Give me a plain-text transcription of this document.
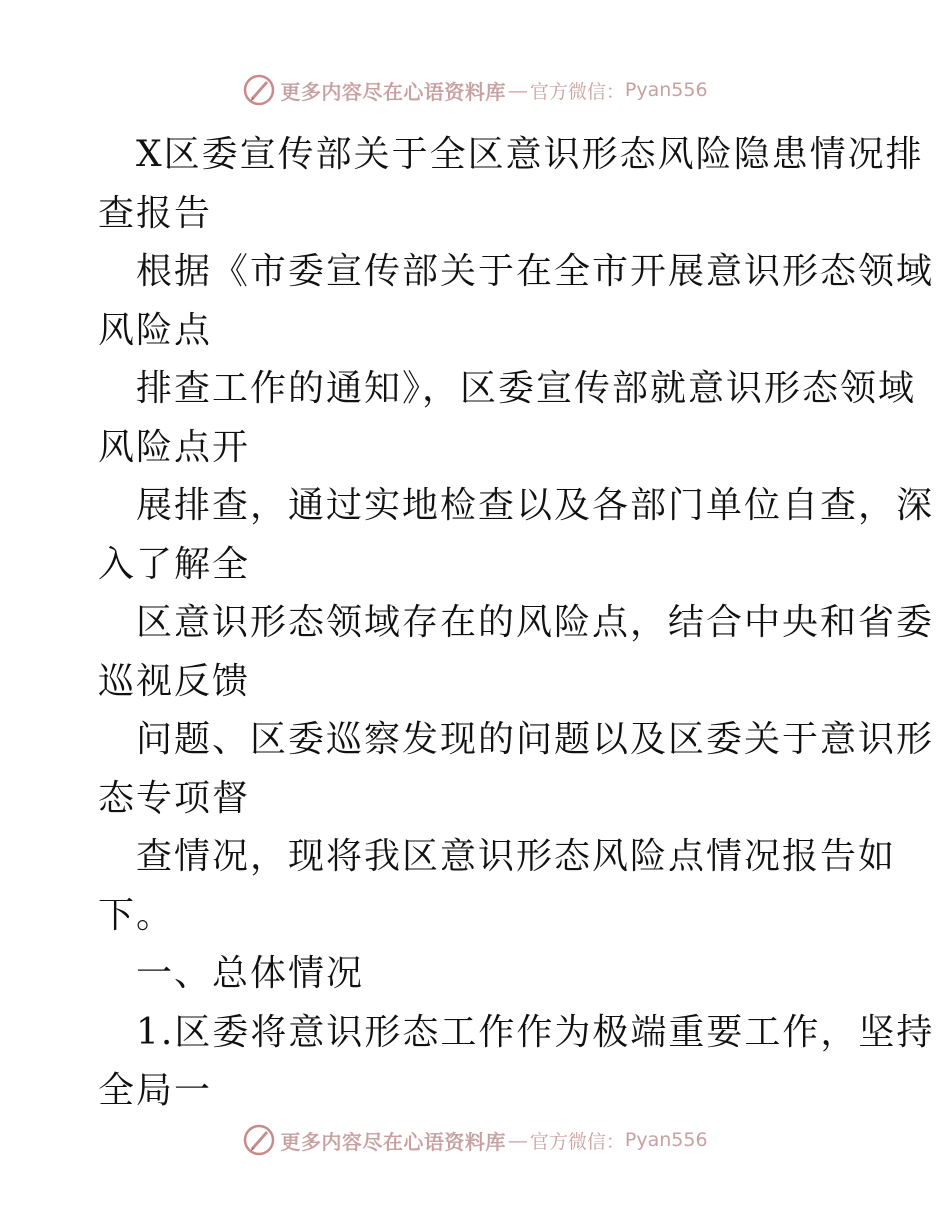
更多内容尽在心语资料库 — 官方微信： Pyan556
X区委宣传部关于全区意识形态风险隐患情况排
查报告
根据《市委宣传部关于在全市开展意识形态领域
风险点
排查工作的通知》，区委宣传部就意识形态领域
风险点开
展排查，通过实地检查以及各部门单位自查，深
入了解全
区意识形态领域存在的风险点，结合中央和省委
巡视反馈
问题、区委巡察发现的问题以及区委关于意识形
态专项督
查情况，现将我区意识形态风险点情况报告如
下。
一、总体情况
1.区委将意识形态工作作为极端重要工作，坚持
全局一
更多内容尽在心语资料库 — 官方微信： Pyan556
